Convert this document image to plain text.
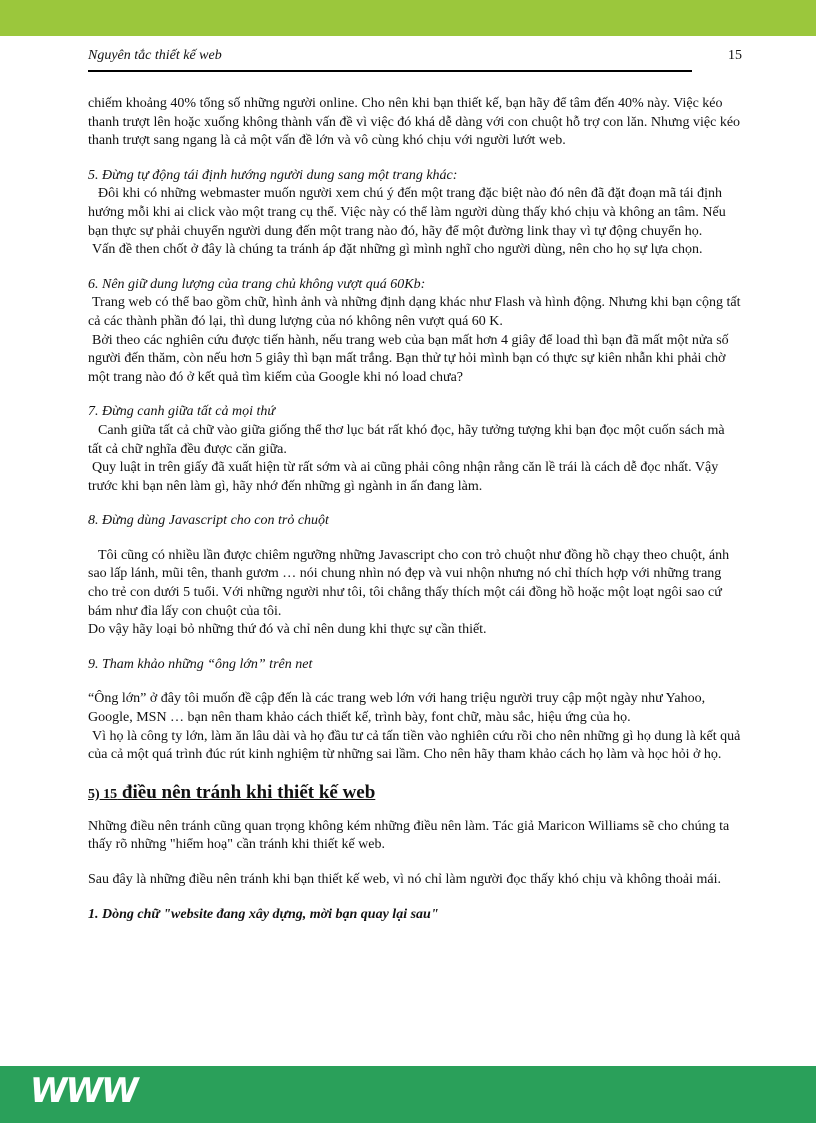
Nguyên tắc thiết kế web	15

chiếm khoảng 40% tổng số những người online. Cho nên khi bạn thiết kế, bạn hãy để tâm đến 40% này. Việc kéo thanh trượt lên hoặc xuống không thành vấn đề vì việc đó khá dễ dàng với con chuột hỗ trợ con lăn. Nhưng việc kéo thanh trượt sang ngang là cả một vấn đề lớn và vô cùng khó chịu với người lướt web.

5. Đừng tự động tái định hướng người dung sang một trang khác:

Đôi khi có những webmaster muốn người xem chú ý đến một trang đặc biệt nào đó nên đã đặt đoạn mã tái định hướng mỗi khi ai click vào một trang cụ thể. Việc này có thể làm người dùng thấy khó chịu và không an tâm. Nếu bạn thực sự phải chuyển người dung đến một trang nào đó, hãy để một đường link thay vì tự động chuyển họ.

Vấn đề then chốt ở đây là chúng ta tránh áp đặt những gì mình nghĩ cho người dùng, nên cho họ sự lựa chọn.

6. Nên giữ dung lượng của trang chủ không vượt quá 60Kb:

Trang web có thể bao gồm chữ, hình ảnh và những định dạng khác như Flash và hình động. Nhưng khi bạn cộng tất cả các thành phần đó lại, thì dung lượng của nó không nên vượt quá 60 K.

Bởi theo các nghiên cứu được tiến hành, nếu trang web của bạn mất hơn 4 giây để load thì bạn đã mất một nửa số người đến thăm, còn nếu hơn 5 giây thì bạn mất trắng. Bạn thử tự hỏi mình bạn có thực sự kiên nhẫn khi phải chờ một trang nào đó ở kết quả tìm kiếm của Google khi nó load chưa?

7. Đừng canh giữa tất cả mọi thứ

Canh giữa tất cả chữ vào giữa giống thể thơ lục bát rất khó đọc, hãy tưởng tượng khi bạn đọc một cuốn sách mà tất cả chữ nghĩa đều được căn giữa.

Quy luật in trên giấy đã xuất hiện từ rất sớm và ai cũng phải công nhận rằng căn lề trái là cách dễ đọc nhất. Vậy trước khi bạn nên làm gì, hãy nhớ đến những gì ngành in ấn đang làm.

8. Đừng dùng Javascript cho con trỏ chuột

Tôi cũng có nhiều lần được chiêm ngưỡng những Javascript cho con trỏ chuột như đồng hồ chạy theo chuột, ánh sao lấp lánh, mũi tên, thanh gươm … nói chung nhìn nó đẹp và vui nhộn nhưng nó chỉ thích hợp với những trang cho trẻ con dưới 5 tuổi. Với những người như tôi, tôi chẳng thấy thích một cái đồng hồ hoặc một loạt ngôi sao cứ bám như đỉa lấy con chuột của tôi.

Do vậy hãy loại bỏ những thứ đó và chỉ nên dung khi thực sự cần thiết.

9. Tham khảo những “ông lớn” trên net

“Ông lớn” ở đây tôi muốn đề cập đến là các trang web lớn với hang triệu người truy cập một ngày như Yahoo, Google, MSN … bạn nên tham khảo cách thiết kế, trình bày, font chữ, màu sắc, hiệu ứng của họ.

Vì họ là công ty lớn, làm ăn lâu dài và họ đầu tư cả tấn tiền vào nghiên cứu rồi cho nên những gì họ dung là kết quả của cả một quá trình đúc rút kinh nghiệm từ những sai lầm. Cho nên hãy tham khảo cách họ làm và học hỏi ở họ.

5) 15 điều nên tránh khi thiết kế web

Những điều nên tránh cũng quan trọng không kém những điều nên làm. Tác giả Maricon Williams sẽ cho chúng ta thấy rõ những "hiểm hoạ" cần tránh khi thiết kế web.

Sau đây là những điều nên tránh khi bạn thiết kế web, vì nó chỉ làm người đọc thấy khó chịu và không thoải mái.

1. Dòng chữ "website đang xây dựng, mời bạn quay lại sau"

WWW
